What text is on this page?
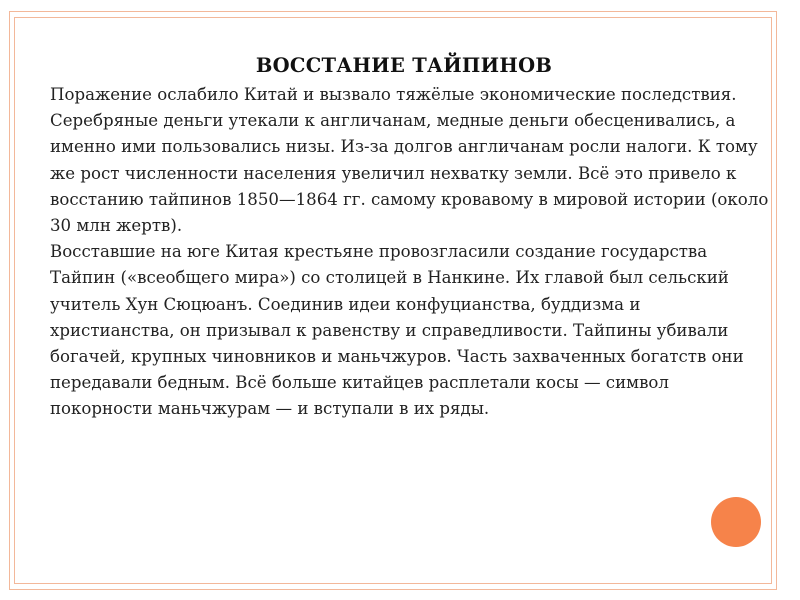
ВОССТАНИЕ ТАЙПИНОВ

Поражение ослабило Китай и вызвало тяжёлые экономические последствия. Серебряные деньги утекали к англичанам, медные деньги обесценивались, а именно ими пользовались низы. Из-за долгов англичанам росли налоги. К тому же рост численности населения увеличил нехватку земли. Всё это привело к восстанию тайпинов 1850—1864 гг. самому кровавому в мировой истории (около 30 млн жертв).

Восставшие на юге Китая крестьяне провозгласили создание государства Тайпин («всеобщего мира») со столицей в Нанкине. Их главой был сельский учитель Хун Сюцюанъ. Соединив идеи конфуцианства, буддизма и христианства, он призывал к равенству и справедливости. Тайпины убивали богачей, крупных чиновников и маньчжуров. Часть захваченных богатств они передавали бедным. Всё больше китайцев расплетали косы — символ покорности маньчжурам — и вступали в их ряды.
